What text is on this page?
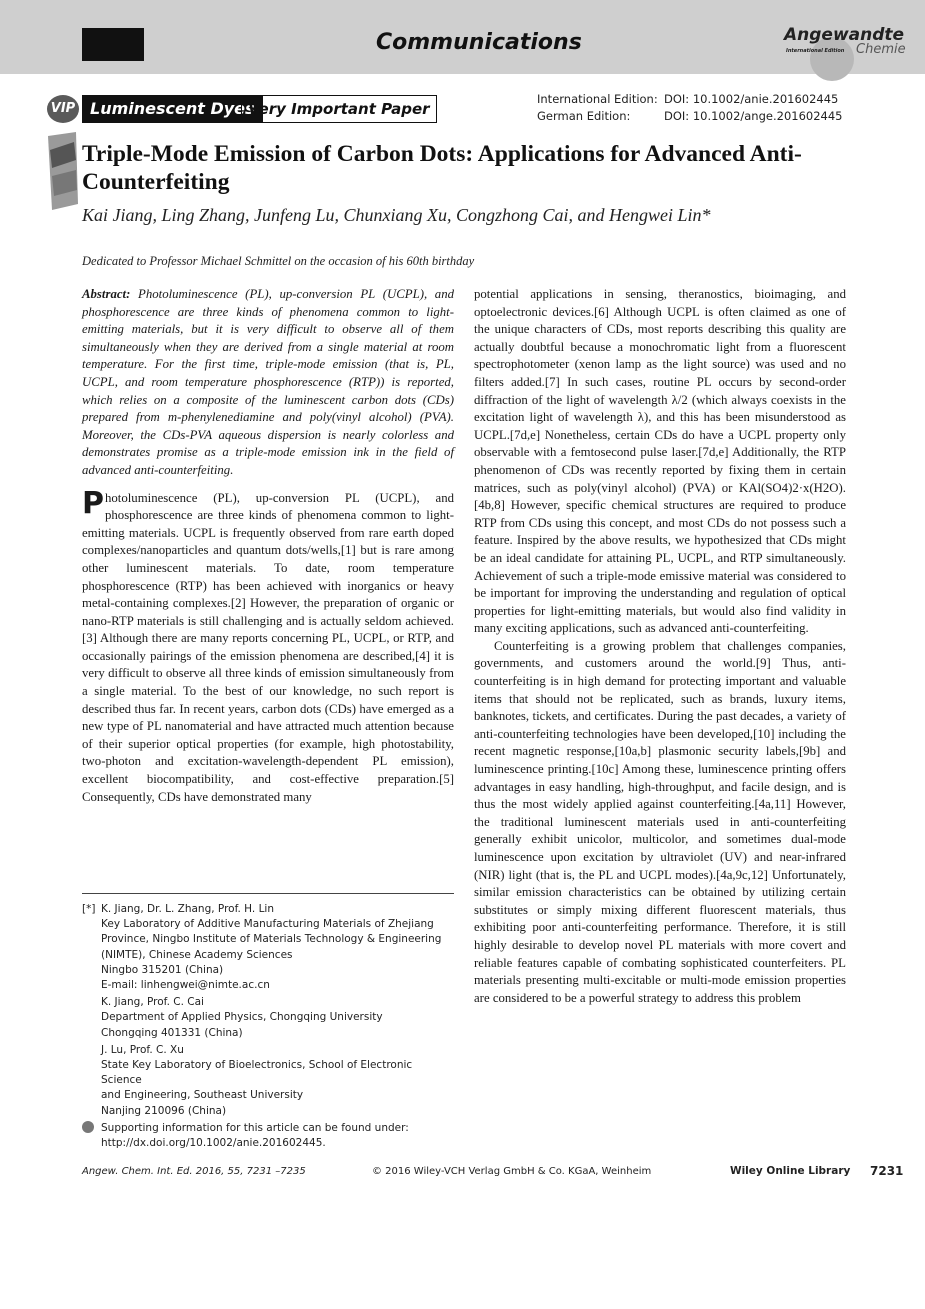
Communications	Angewandte
International Edition Chemie
VIP Luminescent Dyes
Very Important Paper
International Edition: DOI: 10.1002/anie.201602445
German Edition:	DOI: 10.1002/ange.201602445
Triple-Mode Emission of Carbon Dots: Applications for Advanced Anti-Counterfeiting
Kai Jiang, Ling Zhang, Junfeng Lu, Chunxiang Xu, Congzhong Cai, and Hengwei Lin*
Dedicated to Professor Michael Schmittel on the occasion of his 60th birthday

Abstract: Photoluminescence (PL), up-conversion PL (UCPL), and phosphorescence are three kinds of phenomena common to light-emitting materials, but it is very difficult to observe all of them simultaneously when they are derived from a single material at room temperature. For the first time, triple-mode emission (that is, PL, UCPL, and room temperature phosphorescence (RTP)) is reported, which relies on a composite of the luminescent carbon dots (CDs) prepared from m-phenylenediamine and poly(vinyl alcohol) (PVA). Moreover, the CDs-PVA aqueous dispersion is nearly colorless and demonstrates promise as a triple-mode emission ink in the field of advanced anti-counterfeiting.

Photoluminescence (PL), up-conversion PL (UCPL), and phosphorescence are three kinds of phenomena common to light-emitting materials. UCPL is frequently observed from rare earth doped complexes/nanoparticles and quantum dots/wells,[1] but is rare among other luminescent materials. To date, room temperature phosphorescence (RTP) has been achieved with inorganics or heavy metal-containing complexes.[2] However, the preparation of organic or nano-RTP materials is still challenging and is actually seldom achieved.[3] Although there are many reports concerning PL, UCPL, or RTP, and occasionally pairings of the emission phenomena are described,[4] it is very difficult to observe all three kinds of emission simultaneously from a single material. To the best of our knowledge, no such report is described thus far. In recent years, carbon dots (CDs) have emerged as a new type of PL nanomaterial and have attracted much attention because of their superior optical properties (for example, high photostability, two-photon and excitation-wavelength-dependent PL emission), excellent biocompatibility, and cost-effective preparation.[5] Consequently, CDs have demonstrated many

[*] K. Jiang, Dr. L. Zhang, Prof. H. Lin
Key Laboratory of Additive Manufacturing Materials of Zhejiang
Province, Ningbo Institute of Materials Technology & Engineering
(NIMTE), Chinese Academy Sciences
Ningbo 315201 (China)
E-mail: linhengwei@nimte.ac.cn
K. Jiang, Prof. C. Cai
Department of Applied Physics, Chongqing University
Chongqing 401331 (China)
J. Lu, Prof. C. Xu
State Key Laboratory of Bioelectronics, School of Electronic Science
and Engineering, Southeast University
Nanjing 210096 (China)
Supporting information for this article can be found under:
http://dx.doi.org/10.1002/anie.201602445.

potential applications in sensing, theranostics, bioimaging, and optoelectronic devices.[6] Although UCPL is often claimed as one of the unique characters of CDs, most reports describing this quality are actually doubtful because a monochromatic light from a fluorescent spectrophotometer (xenon lamp as the light source) was used and no filters added.[7] In such cases, routine PL occurs by second-order diffraction of the light of wavelength λ/2 (which always coexists in the excitation light of wavelength λ), and this has been misunderstood as UCPL.[7d,e] Nonetheless, certain CDs do have a UCPL property only observable with a femtosecond pulse laser.[7d,e] Additionally, the RTP phenomenon of CDs was recently reported by fixing them in certain matrices, such as poly(vinyl alcohol) (PVA) or KAl(SO4)2·x(H2O).[4b,8] However, specific chemical structures are required to produce RTP from CDs using this concept, and most CDs do not possess such a feature. Inspired by the above results, we hypothesized that CDs might be an ideal candidate for attaining PL, UCPL, and RTP simultaneously. Achievement of such a triple-mode emissive material was considered to be important for improving the understanding and regulation of optical properties for light-emitting materials, but would also find validity in many exciting applications, such as advanced anti-counterfeiting.

Counterfeiting is a growing problem that challenges companies, governments, and customers around the world.[9] Thus, anti-counterfeiting is in high demand for protecting important and valuable items that should not be replicated, such as brands, luxury items, banknotes, tickets, and certificates. During the past decades, a variety of anti-counterfeiting technologies have been developed,[10] including the recent magnetic response,[10a,b] plasmonic security labels,[9b] and luminescence printing.[10c] Among these, luminescence printing offers advantages in easy handling, high-throughput, and facile design, and is thus the most widely applied against counterfeiting.[4a,11] However, the traditional luminescent materials used in anti-counterfeiting generally exhibit unicolor, multicolor, and sometimes dual-mode luminescence upon excitation by ultraviolet (UV) and near-infrared (NIR) light (that is, the PL and UCPL modes).[4a,9c,12] Unfortunately, similar emission characteristics can be obtained by utilizing certain substitutes or simply mixing different fluorescent materials, thus exhibiting poor anti-counterfeiting performance. Therefore, it is still highly desirable to develop novel PL materials with more covert and reliable features capable of combating sophisticated counterfeiters. PL materials presenting multi-excitable or multi-mode emission properties are considered to be a powerful strategy to address this problem

Angew. Chem. Int. Ed. 2016, 55, 7231 –7235	© 2016 Wiley-VCH Verlag GmbH & Co. KGaA, Weinheim	Wiley Online Library 7231
